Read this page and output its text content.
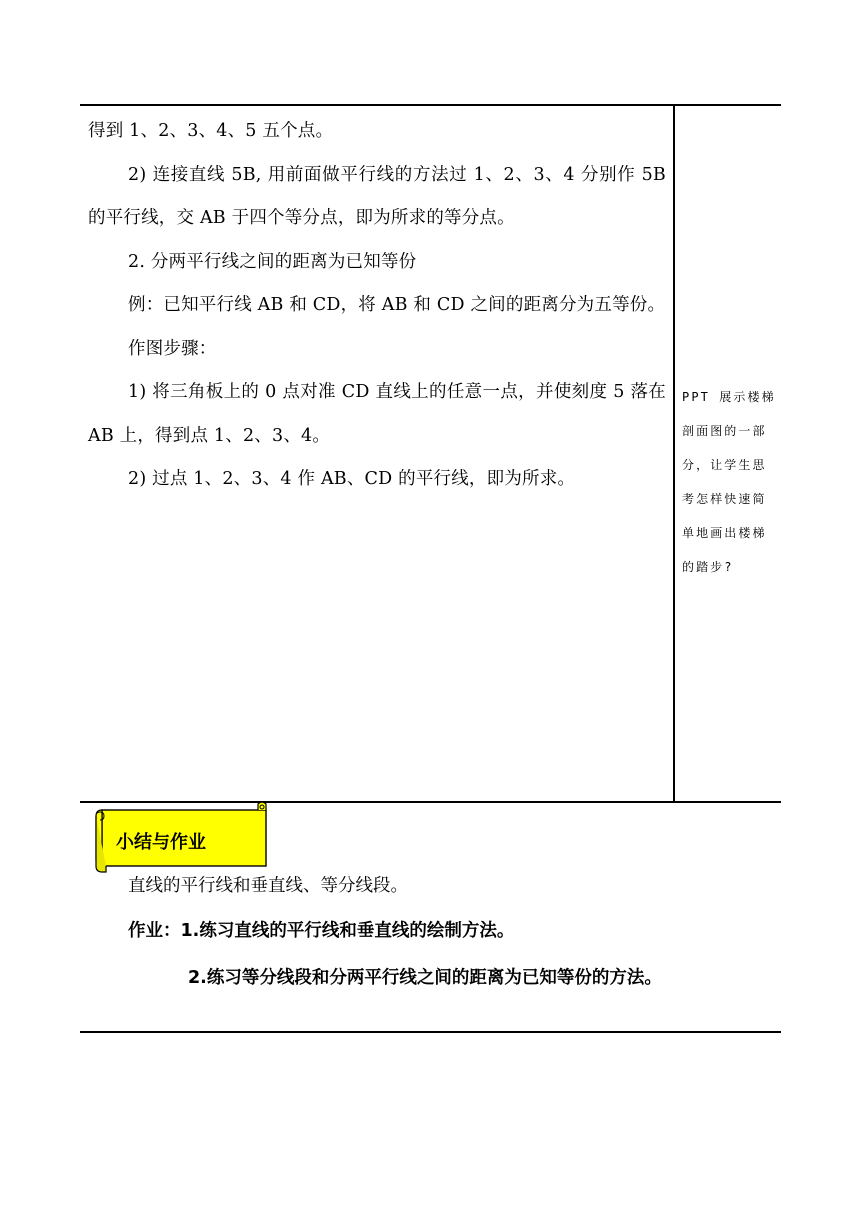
得到 1、2、3、4、5 五个点。

2) 连接直线 5B, 用前面做平行线的方法过 1、2、3、4 分别作 5B 的平行线，交 AB 于四个等分点，即为所求的等分点。

2. 分两平行线之间的距离为已知等份

例：已知平行线 AB 和 CD，将 AB 和 CD 之间的距离分为五等份。

作图步骤：

1) 将三角板上的 0 点对准 CD 直线上的任意一点，并使刻度 5 落在 AB 上，得到点 1、2、3、4。

2) 过点 1、2、3、4 作 AB、CD 的平行线，即为所求。

PPT 展示楼梯剖面图的一部分，让学生思考怎样快速简单地画出楼梯的踏步?

小结与作业

直线的平行线和垂直线、等分线段。

作业：1.练习直线的平行线和垂直线的绘制方法。

2.练习等分线段和分两平行线之间的距离为已知等份的方法。
